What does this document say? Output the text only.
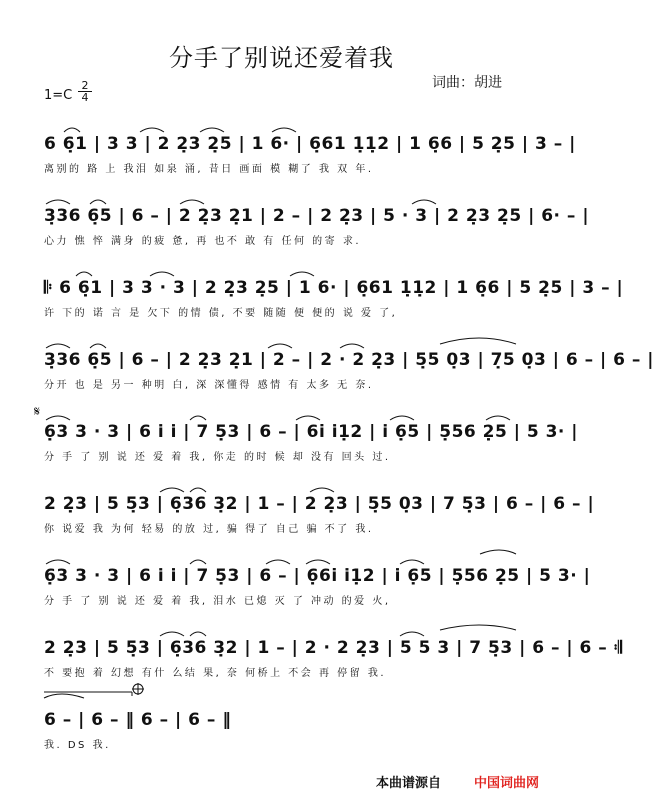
分手了别说还爱着我
词曲：胡进
1=C
2
4
6 6̣1 | 3 3 | 2 2̣3 2̣5 | 1 6· | 6̣61 1̣1̣2 | 1 6̣6 | 5 2̣5 | 3 – |
离别的 路 上 我泪 如泉 涌, 昔日 画面 模 糊了 我 双 年.
3̣36 6̣5 | 6 – | 2 2̣3 2̣1 | 2 – | 2 2̣3 | 5 · 3 | 2 2̣3 2̣5 | 6· – |
心力 憔 悴 满身 的疲 惫, 再 也不 敢 有 任何 的寄 求.
𝄆 6 6̣1 | 3 3 · 3 | 2 2̣3 2̣5 | 1 6· | 6̣61 1̣1̣2 | 1 6̣6 | 5 2̣5 | 3 – |
许 下的 诺 言 是 欠下 的情 债, 不要 随随 便 便的 说 爱 了,
3̣36 6̣5 | 6 – | 2 2̣3 2̣1 | 2 – | 2 · 2 2̣3 | 5̣5 0̣3 | 7̣5 0̣3 | 6 – | 6 – |
分开 也 是 另一 种明 白, 深 深懂得 感情 有 太多 无 奈.
𝄋
6̣3 3 · 3 | 6 i̇ i̇ | 7 5̣3 | 6 – | 6i i̇1̣2 | i̇ 6̣5 | 5̣56 2̣5 | 5 3· |
分 手 了 别 说 还 爱 着 我, 你走 的时 候 却 没有 回头 过.
2 2̣3 | 5 5̣3 | 6̣36 3̣2 | 1 – | 2 2̣3 | 5̣5 0̣3 | 7 5̣3 | 6 – | 6 – |
你 说爱 我 为何 轻易 的放 过, 骗 得了 自己 骗 不了 我.
6̣3 3 · 3 | 6 i̇ i̇ | 7 5̣3 | 6 – | 6̣6i i̇1̣2 | i̇ 6̣5 | 5̣56 2̣5 | 5 3· |
分 手 了 别 说 还 爱 着 我, 泪水 已熄 灭 了 冲动 的爱 火,
2 2̣3 | 5 5̣3 | 6̣36 3̣2 | 1 – | 2 · 2 2̣3 | 5 5 3 | 7 5̣3 | 6 – | 6 – 𝄇
不 要抱 着 幻想 有什 么结 果, 奈 何桥上 不会 再 停留 我.
6 – | 6 – ‖ 6 – | 6 – ‖
我. DS 我.
本曲谱源自	中国词曲网
